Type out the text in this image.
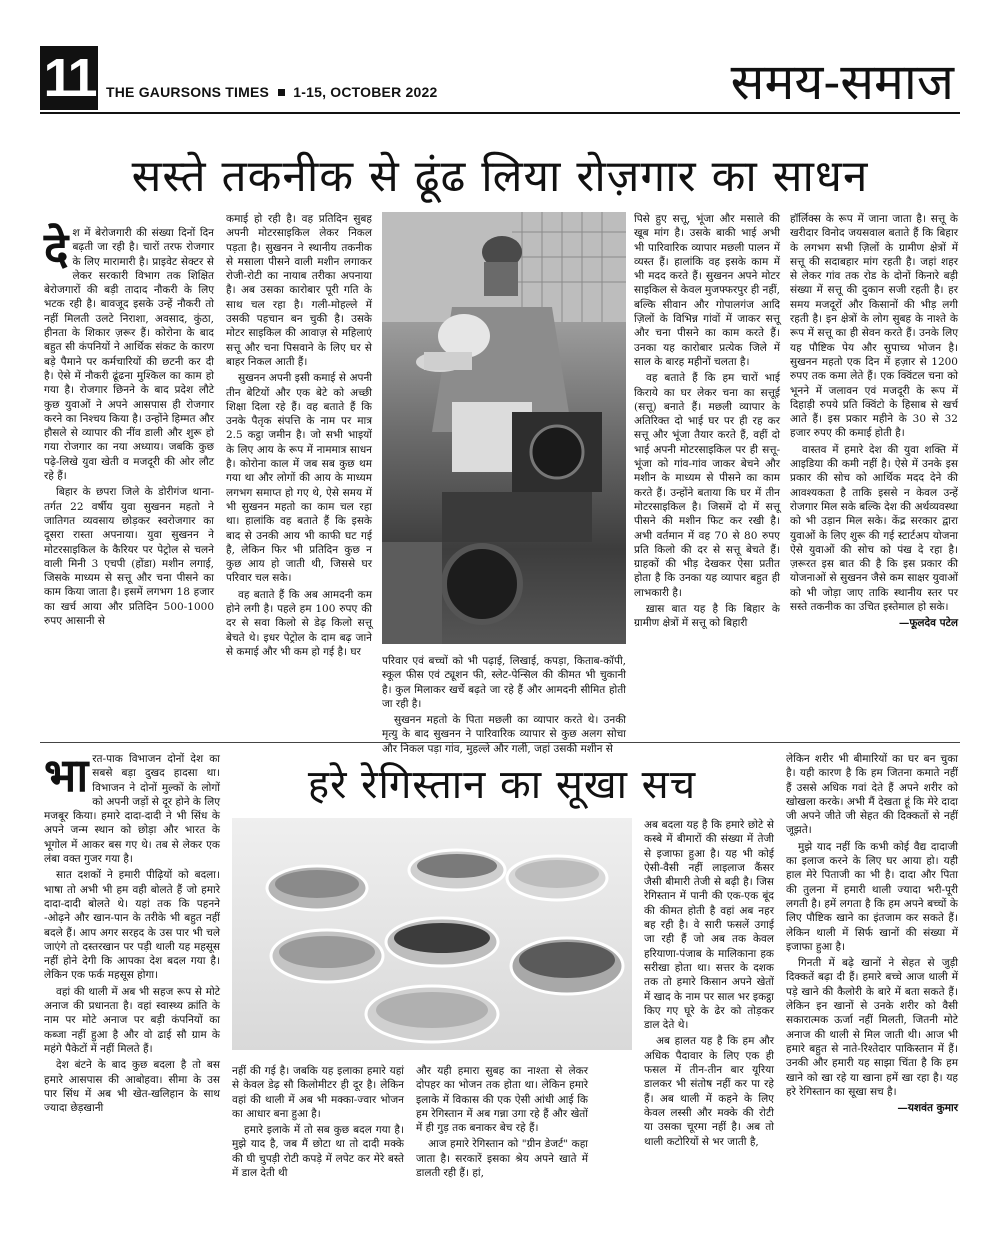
11 THE GAURSONS TIMES 1-15, OCTOBER 2022	समय-समाज
सस्ते तकनीक से ढूंढ लिया रोज़गार का साधन

देश में बेरोजगारी की संख्या दिनों दिन बढ़ती जा रही है। चारों तरफ रोजगार के लिए मारामारी है। प्राइवेट सेक्टर से लेकर सरकारी विभाग तक शिक्षित बेरोजगारों की बड़ी तादाद नौकरी के लिए भटक रही है। बावजूद इसके उन्हें नौकरी तो नहीं मिलती उलटे निराशा, अवसाद, कुंठा, हीनता के शिकार ज़रूर हैं। कोरोना के बाद बहुत सी कंपनियों ने आर्थिक संकट के कारण बड़े पैमाने पर कर्मचारियों की छटनी कर दी है। ऐसे में नौकरी ढूंढना मुश्किल का काम हो गया है। रोजगार छिनने के बाद प्रदेश लौटे कुछ युवाओं ने अपने आसपास ही रोजगार करने का निश्चय किया है। उन्होंने हिम्मत और हौसले से व्यापार की नींव डाली और शुरू हो गया रोजगार का नया अध्याय। जबकि कुछ पढ़े-लिखे युवा खेती व मजदूरी की ओर लौट रहे हैं।

बिहार के छपरा जिले के डोरीगंज थाना-तर्गत 22 वर्षीय युवा सुखनन महतो ने जातिगत व्यवसाय छोड़कर स्वरोजगार का दूसरा रास्ता अपनाया। युवा सुखनन ने मोटरसाइकिल के कैरियर पर पेट्रोल से चलने वाली मिनी 3 एचपी (होंडा) मशीन लगाई, जिसके माध्यम से सत्तू और चना पीसने का काम किया जाता है। इसमें लगभग 18 हजार का खर्च आया और प्रतिदिन 500-1000 रुपए आसानी से

कमाई हो रही है। वह प्रतिदिन सुबह अपनी मोटरसाइकिल लेकर निकल पड़ता है। सुखनन ने स्थानीय तकनीक से मसाला पीसने वाली मशीन लगाकर रोजी-रोटी का नायाब तरीका अपनाया है। अब उसका कारोबार पूरी गति के साथ चल रहा है। गली-मोहल्ले में उसकी पहचान बन चुकी है। उसके मोटर साइकिल की आवाज़ से महिलाएं सत्तू और चना पिसवाने के लिए घर से बाहर निकल आती हैं।

सुखनन अपनी इसी कमाई से अपनी तीन बेटियों और एक बेटे को अच्छी शिक्षा दिला रहे हैं। वह बताते हैं कि उनके पैतृक संपत्ति के नाम पर मात्र 2.5 कट्ठा जमीन है। जो सभी भाइयों के लिए आय के रूप में नाममात्र साधन है। कोरोना काल में जब सब कुछ थम गया था और लोगों की आय के माध्यम लगभग समाप्त हो गए थे, ऐसे समय में भी सुखनन महतो का काम चल रहा था। हालांकि वह बताते हैं कि इसके बाद से उनकी आय भी काफी घट गई है, लेकिन फिर भी प्रतिदिन कुछ न कुछ आय हो जाती थी, जिससे घर परिवार चल सके।

वह बताते हैं कि अब आमदनी कम होने लगी है। पहले हम 100 रुपए की दर से सवा किलो से डेढ़ किलो सत्तू बेचते थे। इधर पेट्रोल के दाम बढ़ जाने से कमाई और भी कम हो गई है। घर

परिवार एवं बच्चों को भी पढ़ाई, लिखाई, कपड़ा, किताब-कॉपी, स्कूल फीस एवं ट्यूशन फी, स्लेट-पेन्सिल की कीमत भी चुकानी है। कुल मिलाकर खर्चे बढ़ते जा रहे हैं और आमदनी सीमित होती जा रही है।

सुखनन महतो के पिता मछली का व्यापार करते थे। उनकी मृत्यु के बाद सुखनन ने पारिवारिक व्यापार से कुछ अलग सोचा और निकल पड़ा गांव, मुहल्ले और गली, जहां उसकी मशीन से

पिसे हुए सत्तू, भूंजा और मसाले की खूब मांग है। उसके बाकी भाई अभी भी पारिवारिक व्यापार मछली पालन में व्यस्त हैं। हालांकि वह इसके काम में भी मदद करते हैं। सुखनन अपने मोटर साइकिल से केवल मुजफ्फरपुर ही नहीं, बल्कि सीवान और गोपालगंज आदि ज़िलों के विभिन्न गांवों में जाकर सत्तू और चना पीसने का काम करते हैं। उनका यह कारोबार प्रत्येक जिले में साल के बारह महीनों चलता है।

वह बताते हैं कि हम चारों भाई किराये का घर लेकर चना का सत्तूई (सत्तू) बनाते हैं। मछली व्यापार के अतिरिक्त दो भाई घर पर ही रह कर सत्तू और भूंजा तैयार करते हैं, वहीं दो भाई अपनी मोटरसाइकिल पर ही सत्तू-भूंजा को गांव-गांव जाकर बेचने और मशीन के माध्यम से पीसने का काम करते हैं। उन्होंने बताया कि घर में तीन मोटरसाइकिल है। जिसमें दो में सत्तू पीसने की मशीन फिट कर रखी है। अभी वर्तमान में वह 70 से 80 रुपए प्रति किलो की दर से सत्तू बेचते हैं। ग्राहकों की भीड़ देखकर ऐसा प्रतीत होता है कि उनका यह व्यापार बहुत ही लाभकारी है।

ख़ास बात यह है कि बिहार के ग्रामीण क्षेत्रों में सत्तू को बिहारी

हॉर्लिक्स के रूप में जाना जाता है। सत्तू के खरीदार विनोद जयसवाल बताते हैं कि बिहार के लगभग सभी ज़िलों के ग्रामीण क्षेत्रों में सत्तू की सदाबहार मांग रहती है। जहां शहर से लेकर गांव तक रोड के दोनों किनारे बड़ी संख्या में सत्तू की दुकान सजी रहती है। हर समय मजदूरों और किसानों की भीड़ लगी रहती है। इन क्षेत्रों के लोग सुबह के नाश्ते के रूप में सत्तू का ही सेवन करते हैं। उनके लिए यह पौष्टिक पेय और सुपाच्य भोजन है। सुखनन महतो एक दिन में हज़ार से 1200 रुपए तक कमा लेते हैं। एक क्विंटल चना को भूनने में जलावन एवं मजदूरी के रूप में दिहाड़ी रुपये प्रति क्विंटो के हिसाब से खर्च आते हैं। इस प्रकार महीने के 30 से 32 हजार रुपए की कमाई होती है।

वास्तव में हमारे देश की युवा शक्ति में आइडिया की कमी नहीं है। ऐसे में उनके इस प्रकार की सोच को आर्थिक मदद देने की आवश्यकता है ताकि इससे न केवल उन्हें रोजगार मिल सके बल्कि देश की अर्थव्यवस्था को भी उड़ान मिल सके। केंद्र सरकार द्वारा युवाओं के लिए शुरू की गई स्टार्टअप योजना ऐसे युवाओं की सोच को पंख दे रहा है। ज़रूरत इस बात की है कि इस प्रकार की योजनाओं से सुखनन जैसे कम साक्षर युवाओं को भी जोड़ा जाए ताकि स्थानीय स्तर पर सस्ते तकनीक का उचित इस्तेमाल हो सके।

—फूलदेव पटेल

भारत-पाक विभाजन दोनों देश का सबसे बड़ा दुखद हादसा था। विभाजन ने दोनों मुल्कों के लोगों को अपनी जड़ों से दूर होने के लिए मजबूर किया। हमारे दादा-दादी ने भी सिंध के अपने जन्म स्थान को छोड़ा और भारत के भूगोल में आकर बस गए थे। तब से लेकर एक लंबा वक्त गुजर गया है।

सात दशकों ने हमारी पीढ़ियों को बदला। भाषा तो अभी भी हम वही बोलते हैं जो हमारे दादा-दादी बोलते थे। यहां तक कि पहनने -ओढ़ने और खान-पान के तरीके भी बहुत नहीं बदले हैं। आप अगर सरहद के उस पार भी चले जाएंगे तो दस्तरखान पर पड़ी थाली यह महसूस नहीं होने देगी कि आपका देश बदल गया है। लेकिन एक फर्क महसूस होगा।

वहां की थाली में अब भी सहज रूप से मोटे अनाज की प्रधानता है। वहां स्वास्थ्य क्रांति के नाम पर मोटे अनाज पर बड़ी कंपनियों का कब्जा नहीं हुआ है और वो ढाई सौ ग्राम के महंगे पैकेटों में नहीं मिलते हैं।

देश बंटने के बाद कुछ बदला है तो बस हमारे आसपास की आबोहवा। सीमा के उस पार सिंध में अब भी खेत-खलिहान के साथ ज्यादा छेड़खानी

हरे रेगिस्तान का सूखा सच

नहीं की गई है। जबकि यह इलाका हमारे यहां से केवल डेढ़ सौ किलोमीटर ही दूर है। लेकिन वहां की थाली में अब भी मक्का-ज्वार भोजन का आधार बना हुआ है।

हमारे इलाके में तो सब कुछ बदल गया है। मुझे याद है, जब मैं छोटा था तो दादी मक्के की घी चुपड़ी रोटी कपड़े में लपेट कर मेरे बस्ते में डाल देती थी

और यही हमारा सुबह का नाश्ता से लेकर दोपहर का भोजन तक होता था। लेकिन हमारे इलाके में विकास की एक ऐसी आंधी आई कि हम रेगिस्तान में अब गन्ना उगा रहे हैं और खेतों में ही गुड़ तक बनाकर बेच रहे हैं।

आज हमारे रेगिस्तान को "ग्रीन डेजर्ट" कहा जाता है। सरकारें इसका श्रेय अपने खाते में डालती रही हैं। हां,

अब बदला यह है कि हमारे छोटे से कस्बे में बीमारों की संख्या में तेजी से इजाफा हुआ है। यह भी कोई ऐसी-वैसी नहीं लाइलाज कैंसर जैसी बीमारी तेजी से बढ़ी है। जिस रेगिस्तान में पानी की एक-एक बूंद की कीमत होती है वहां अब नहर बह रही है। वे सारी फसलें उगाई जा रही हैं जो अब तक केवल हरियाणा-पंजाब के मालिकाना हक सरीखा होता था। सत्तर के दशक तक तो हमारे किसान अपने खेतों में खाद के नाम पर साल भर इकट्ठा किए गए घूरे के ढेर को तोड़कर डाल देते थे।

अब हालत यह है कि हम और अधिक पैदावार के लिए एक ही फसल में तीन-तीन बार यूरिया डालकर भी संतोष नहीं कर पा रहे हैं। अब थाली में कहने के लिए केवल लस्सी और मक्के की रोटी या उसका चूरमा नहीं है। अब तो थाली कटोरियों से भर जाती है,

लेकिन शरीर भी बीमारियों का घर बन चुका है। यही कारण है कि हम जितना कमाते नहीं हैं उससे अधिक गवां देते हैं अपने शरीर को खोखला करके। अभी मैं देखता हूं कि मेरे दादा जी अपने जीते जी सेहत की दिक्कतों से नहीं जूझते।

मुझे याद नहीं कि कभी कोई वैद्य दादाजी का इलाज करने के लिए घर आया हो। यही हाल मेरे पिताजी का भी है। दादा और पिता की तुलना में हमारी थाली ज्यादा भरी-पूरी लगती है। हमें लगता है कि हम अपने बच्चों के लिए पौष्टिक खाने का इंतजाम कर सकते हैं। लेकिन थाली में सिर्फ खानों की संख्या में इजाफा हुआ है।

गिनती में बढ़े खानों ने सेहत से जुड़ी दिक्कतें बढ़ा दी हैं। हमारे बच्चे आज थाली में पड़े खाने की कैलोरी के बारे में बता सकते हैं। लेकिन इन खानों से उनके शरीर को वैसी सकारात्मक ऊर्जा नहीं मिलती, जितनी मोटे अनाज की थाली से मिल जाती थी। आज भी हमारे बहुत से नाते-रिश्तेदार पाकिस्तान में हैं। उनकी और हमारी यह साझा चिंता है कि हम खाने को खा रहे या खाना हमें खा रहा है। यह हरे रेगिस्तान का सूखा सच है।

—यशवंत कुमार
